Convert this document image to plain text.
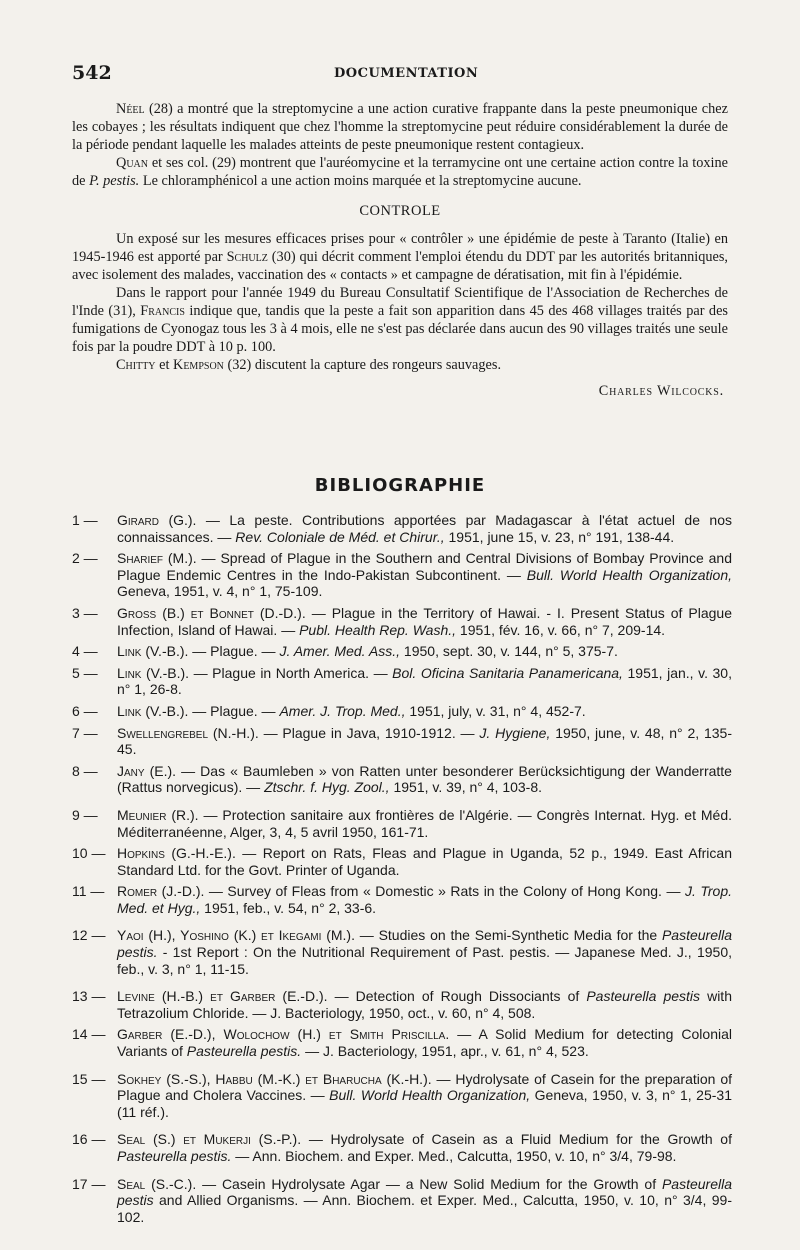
542	DOCUMENTATION

Néel (28) a montré que la streptomycine a une action curative frappante dans la peste pneumonique chez les cobayes ; les résultats indiquent que chez l'homme la streptomycine peut réduire considérablement la durée de la période pendant laquelle les malades atteints de peste pneumonique restent contagieux.

Quan et ses col. (29) montrent que l'auréomycine et la terramycine ont une certaine action contre la toxine de P. pestis. Le chloramphénicol a une action moins marquée et la streptomycine aucune.

CONTROLE

Un exposé sur les mesures efficaces prises pour « contrôler » une épidémie de peste à Taranto (Italie) en 1945-1946 est apporté par Schulz (30) qui décrit comment l'emploi étendu du DDT par les autorités britanniques, avec isolement des malades, vaccination des « contacts » et campagne de dératisation, mit fin à l'épidémie.

Dans le rapport pour l'année 1949 du Bureau Consultatif Scientifique de l'Association de Recherches de l'Inde (31), Francis indique que, tandis que la peste a fait son apparition dans 45 des 468 villages traités par des fumigations de Cyonogaz tous les 3 à 4 mois, elle ne s'est pas déclarée dans aucun des 90 villages traités une seule fois par la poudre DDT à 10 p. 100.

Chitty et Kempson (32) discutent la capture des rongeurs sauvages.

Charles Wilcocks.
BIBLIOGRAPHIE
1 —	Girard (G.). — La peste. Contributions apportées par Madagascar à l'état actuel de nos connaissances. — Rev. Coloniale de Méd. et Chirur., 1951, june 15, v. 23, n° 191, 138-44.
2 —	Sharief (M.). — Spread of Plague in the Southern and Central Divisions of Bombay Province and Plague Endemic Centres in the Indo-Pakistan Subcontinent. — Bull. World Health Organization, Geneva, 1951, v. 4, n° 1, 75-109.
3 —	Gross (B.) et Bonnet (D.-D.). — Plague in the Territory of Hawai. - I. Present Status of Plague Infection, Island of Hawai. — Publ. Health Rep. Wash., 1951, fév. 16, v. 66, n° 7, 209-14.
4 —	Link (V.-B.). — Plague. — J. Amer. Med. Ass., 1950, sept. 30, v. 144, n° 5, 375-7.
5 —	Link (V.-B.). — Plague in North America. — Bol. Oficina Sanitaria Panamericana, 1951, jan., v. 30, n° 1, 26-8.
6 —	Link (V.-B.). — Plague. — Amer. J. Trop. Med., 1951, july, v. 31, n° 4, 452-7.
7 —	Swellengrebel (N.-H.). — Plague in Java, 1910-1912. — J. Hygiene, 1950, june, v. 48, n° 2, 135-45.
8 —	Jany (E.). — Das « Baumleben » von Ratten unter besonderer Berücksichtigung der Wanderratte (Rattus norvegicus). — Ztschr. f. Hyg. Zool., 1951, v. 39, n° 4, 103-8.
9 —	Meunier (R.). — Protection sanitaire aux frontières de l'Algérie. — Congrès Internat. Hyg. et Méd. Méditerranéenne, Alger, 3, 4, 5 avril 1950, 161-71.
10 — Hopkins (G.-H.-E.). — Report on Rats, Fleas and Plague in Uganda, 52 p., 1949. East African Standard Ltd. for the Govt. Printer of Uganda.
11 — Romer (J.-D.). — Survey of Fleas from « Domestic » Rats in the Colony of Hong Kong. — J. Trop. Med. et Hyg., 1951, feb., v. 54, n° 2, 33-6.
12 — Yaoi (H.), Yoshino (K.) et Ikegami (M.). — Studies on the Semi-Synthetic Media for the Pasteurella pestis. - 1st Report : On the Nutritional Requirement of Past. pestis. — Japanese Med. J., 1950, feb., v. 3, n° 1, 11-15.
13 — Levine (H.-B.) et Garber (E.-D.). — Detection of Rough Dissociants of Pasteurella pestis with Tetrazolium Chloride. — J. Bacteriology, 1950, oct., v. 60, n° 4, 508.
14 — Garber (E.-D.), Wolochow (H.) et Smith Priscilla. — A Solid Medium for detecting Colonial Variants of Pasteurella pestis. — J. Bacteriology, 1951, apr., v. 61, n° 4, 523.
15 — Sokhey (S.-S.), Habbu (M.-K.) et Bharucha (K.-H.). — Hydrolysate of Casein for the preparation of Plague and Cholera Vaccines. — Bull. World Health Organization, Geneva, 1950, v. 3, n° 1, 25-31 (11 réf.).
16 — Seal (S.) et Mukerji (S.-P.). — Hydrolysate of Casein as a Fluid Medium for the Growth of Pasteurella pestis. — Ann. Biochem. and Exper. Med., Calcutta, 1950, v. 10, n° 3/4, 79-98.
17 — Seal (S.-C.). — Casein Hydrolysate Agar — a New Solid Medium for the Growth of Pasteurella pestis and Allied Organisms. — Ann. Biochem. et Exper. Med., Calcutta, 1950, v. 10, n° 3/4, 99-102.
